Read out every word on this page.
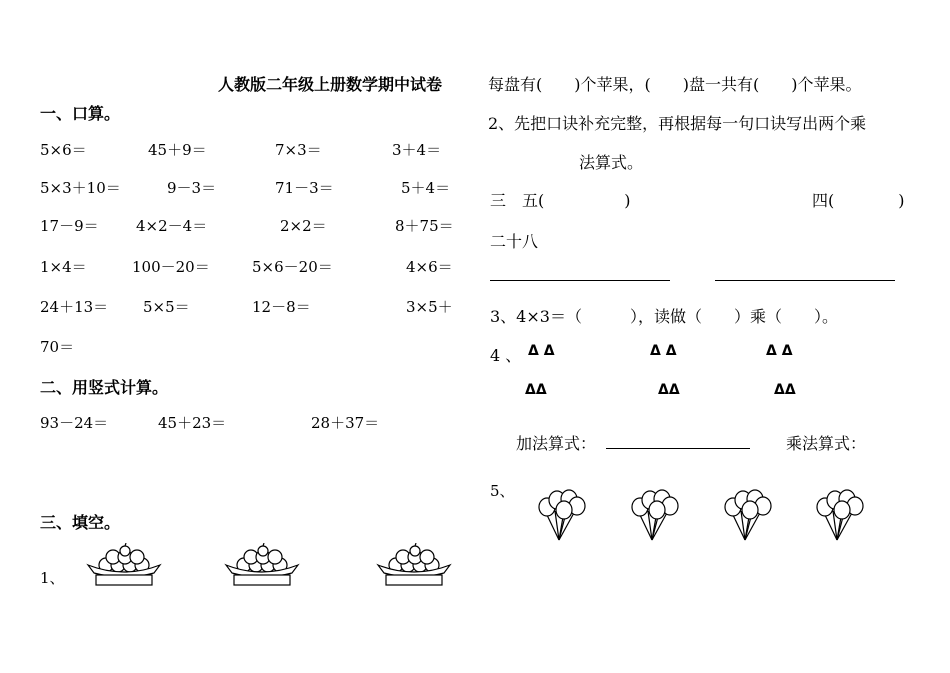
人教版二年级上册数学期中试卷
一、口算。
5×6＝	45＋9＝	7×3＝	3＋4＝
5×3＋10＝	9－3＝	71－3＝	5＋4＝
17－9＝ 4×2－4＝	2×2＝	8＋75＝
1×4＝	100－20＝	5×6－20＝	4×6＝
24＋13＝ 5×5＝	12－8＝	3×5＋
70＝
二、用竖式计算。
93－24＝	45＋23＝	28＋37＝
三、填空。
1、
每盘有(　　)个苹果，(　　)盘一共有(　　)个苹果。
2、先把口诀补充完整，再根据每一句口诀写出两个乘
法算式。
三　五(　　　　　)	四(　　　　)
二十八
3、4×3＝（　　　），读做（　　）乘（　　）。
4 、 Δ Δ	Δ Δ	Δ Δ
ΔΔ	ΔΔ	ΔΔ
加法算式：	乘法算式：
5、
